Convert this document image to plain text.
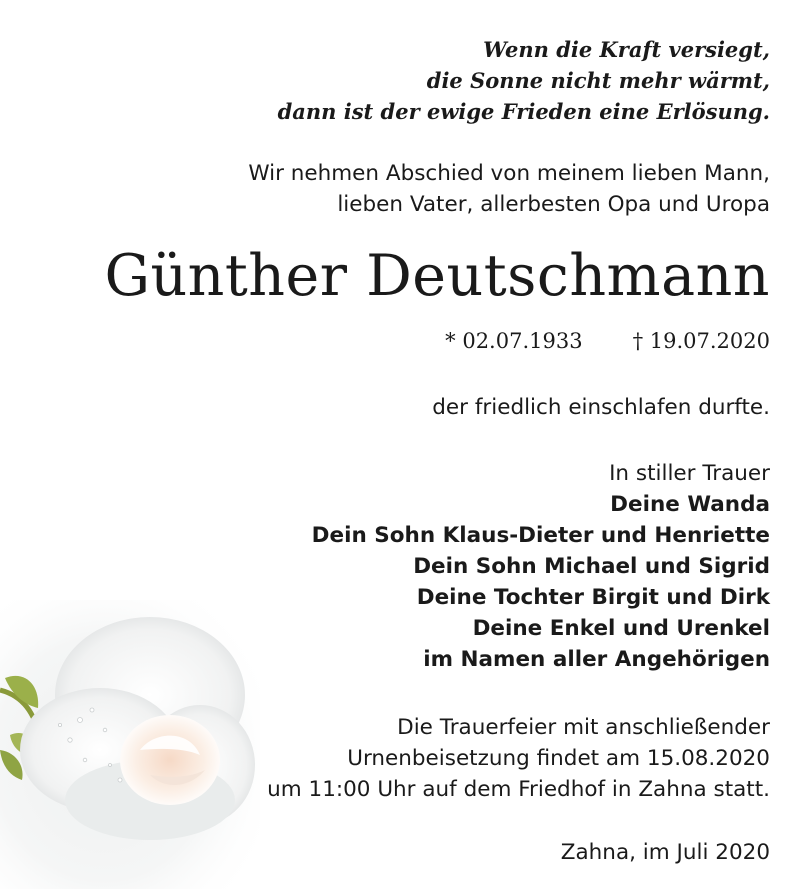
Wenn die Kraft versiegt,
die Sonne nicht mehr wärmt,
dann ist der ewige Frieden eine Erlösung.
Wir nehmen Abschied von meinem lieben Mann,
lieben Vater, allerbesten Opa und Uropa
Günther Deutschmann
* 02.07.1933 † 19.07.2020
der friedlich einschlafen durfte.
In stiller Trauer
Deine Wanda
Dein Sohn Klaus-Dieter und Henriette
Dein Sohn Michael und Sigrid
Deine Tochter Birgit und Dirk
Deine Enkel und Urenkel
im Namen aller Angehörigen
Die Trauerfeier mit anschließender
Urnenbeisetzung findet am 15.08.2020
um 11:00 Uhr auf dem Friedhof in Zahna statt.
Zahna, im Juli 2020
